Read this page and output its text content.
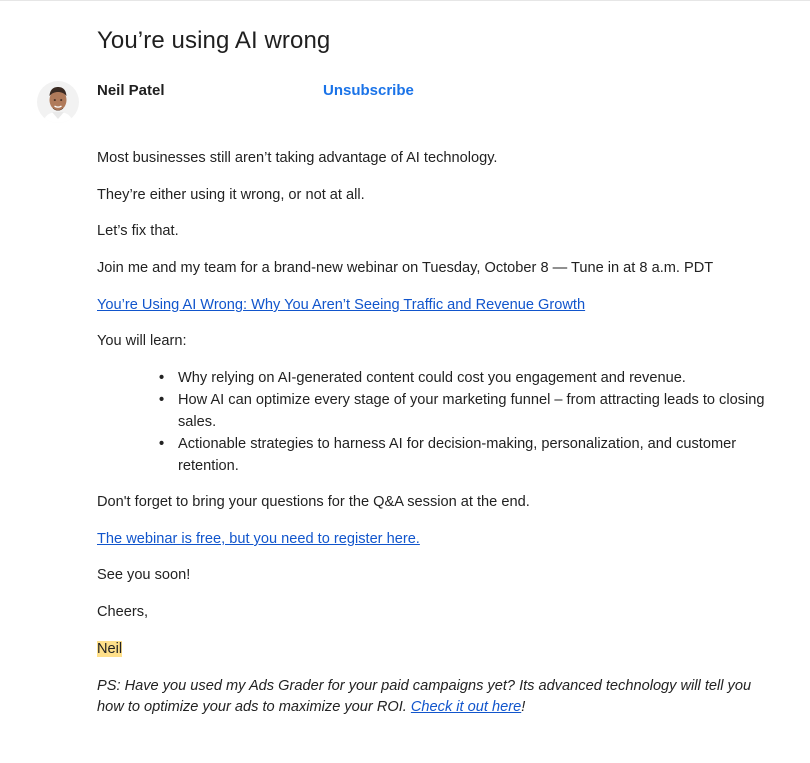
You’re using AI wrong
Neil Patel	Unsubscribe
Most businesses still aren’t taking advantage of AI technology.
They’re either using it wrong, or not at all.
Let’s fix that.
Join me and my team for a brand-new webinar on Tuesday, October 8 — Tune in at 8 a.m. PDT
You’re Using AI Wrong: Why You Aren’t Seeing Traffic and Revenue Growth
You will learn:
• Why relying on AI-generated content could cost you engagement and revenue.
• How AI can optimize every stage of your marketing funnel – from attracting leads to closing sales.
• Actionable strategies to harness AI for decision-making, personalization, and customer retention.
Don't forget to bring your questions for the Q&A session at the end.
The webinar is free, but you need to register here.
See you soon!
Cheers,
Neil
PS: Have you used my Ads Grader for your paid campaigns yet? Its advanced technology will tell you how to optimize your ads to maximize your ROI. Check it out here!
